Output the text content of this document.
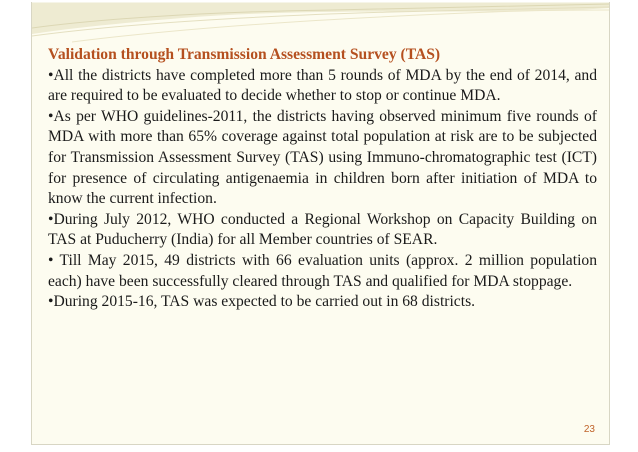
Validation through Transmission Assessment Survey (TAS)

•All the districts have completed more than 5 rounds of MDA by the end of 2014, and are required to be evaluated to decide whether to stop or continue MDA.

•As per WHO guidelines-2011, the districts having observed minimum five rounds of MDA with more than 65% coverage against total population at risk are to be subjected for Transmission Assessment Survey (TAS) using Immuno-chromatographic test (ICT) for presence of circulating antigenaemia in children born after initiation of MDA to know the current infection.

•During July 2012, WHO conducted a Regional Workshop on Capacity Building on TAS at Puducherry (India) for all Member countries of SEAR.

• Till May 2015, 49 districts with 66 evaluation units (approx. 2 million population each) have been successfully cleared through TAS and qualified for MDA stoppage.

•During 2015-16, TAS was expected to be carried out in 68 districts.

23
